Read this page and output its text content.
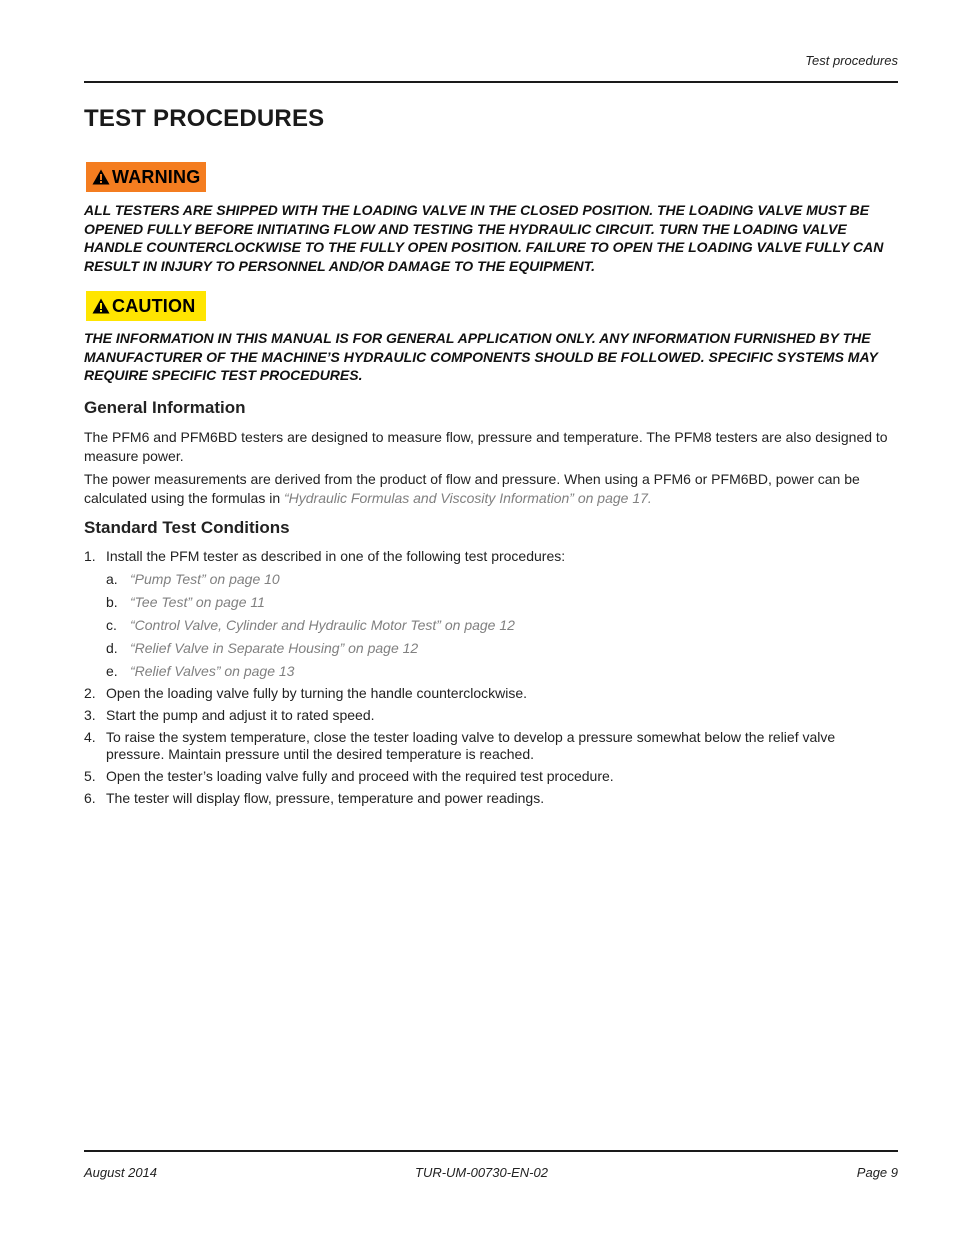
Test procedures
TEST PROCEDURES
WARNING

ALL TESTERS ARE SHIPPED WITH THE LOADING VALVE IN THE CLOSED POSITION. THE LOADING VALVE MUST BE OPENED FULLY BEFORE INITIATING FLOW AND TESTING THE HYDRAULIC CIRCUIT. TURN THE LOADING VALVE HANDLE COUNTERCLOCKWISE TO THE FULLY OPEN POSITION. FAILURE TO OPEN THE LOADING VALVE FULLY CAN RESULT IN INJURY TO PERSONNEL AND/OR DAMAGE TO THE EQUIPMENT.

CAUTION

THE INFORMATION IN THIS MANUAL IS FOR GENERAL APPLICATION ONLY. ANY INFORMATION FURNISHED BY THE MANUFACTURER OF THE MACHINE’S HYDRAULIC COMPONENTS SHOULD BE FOLLOWED. SPECIFIC SYSTEMS MAY REQUIRE SPECIFIC TEST PROCEDURES.

General Information

The PFM6 and PFM6BD testers are designed to measure flow, pressure and temperature. The PFM8 testers are also designed to measure power.

The power measurements are derived from the product of flow and pressure. When using a PFM6 or PFM6BD, power can be calculated using the formulas in “Hydraulic Formulas and Viscosity Information” on page 17.

Standard Test Conditions
1. Install the PFM tester as described in one of the following test procedures:
a. “Pump Test” on page 10
b. “Tee Test” on page 11
c. “Control Valve, Cylinder and Hydraulic Motor Test” on page 12
d. “Relief Valve in Separate Housing” on page 12
e. “Relief Valves” on page 13
2. Open the loading valve fully by turning the handle counterclockwise.
3. Start the pump and adjust it to rated speed.
4. To raise the system temperature, close the tester loading valve to develop a pressure somewhat below the relief valve pressure. Maintain pressure until the desired temperature is reached.
5. Open the tester’s loading valve fully and proceed with the required test procedure.
6. The tester will display flow, pressure, temperature and power readings.
August 2014	TUR-UM-00730-EN-02	Page 9
